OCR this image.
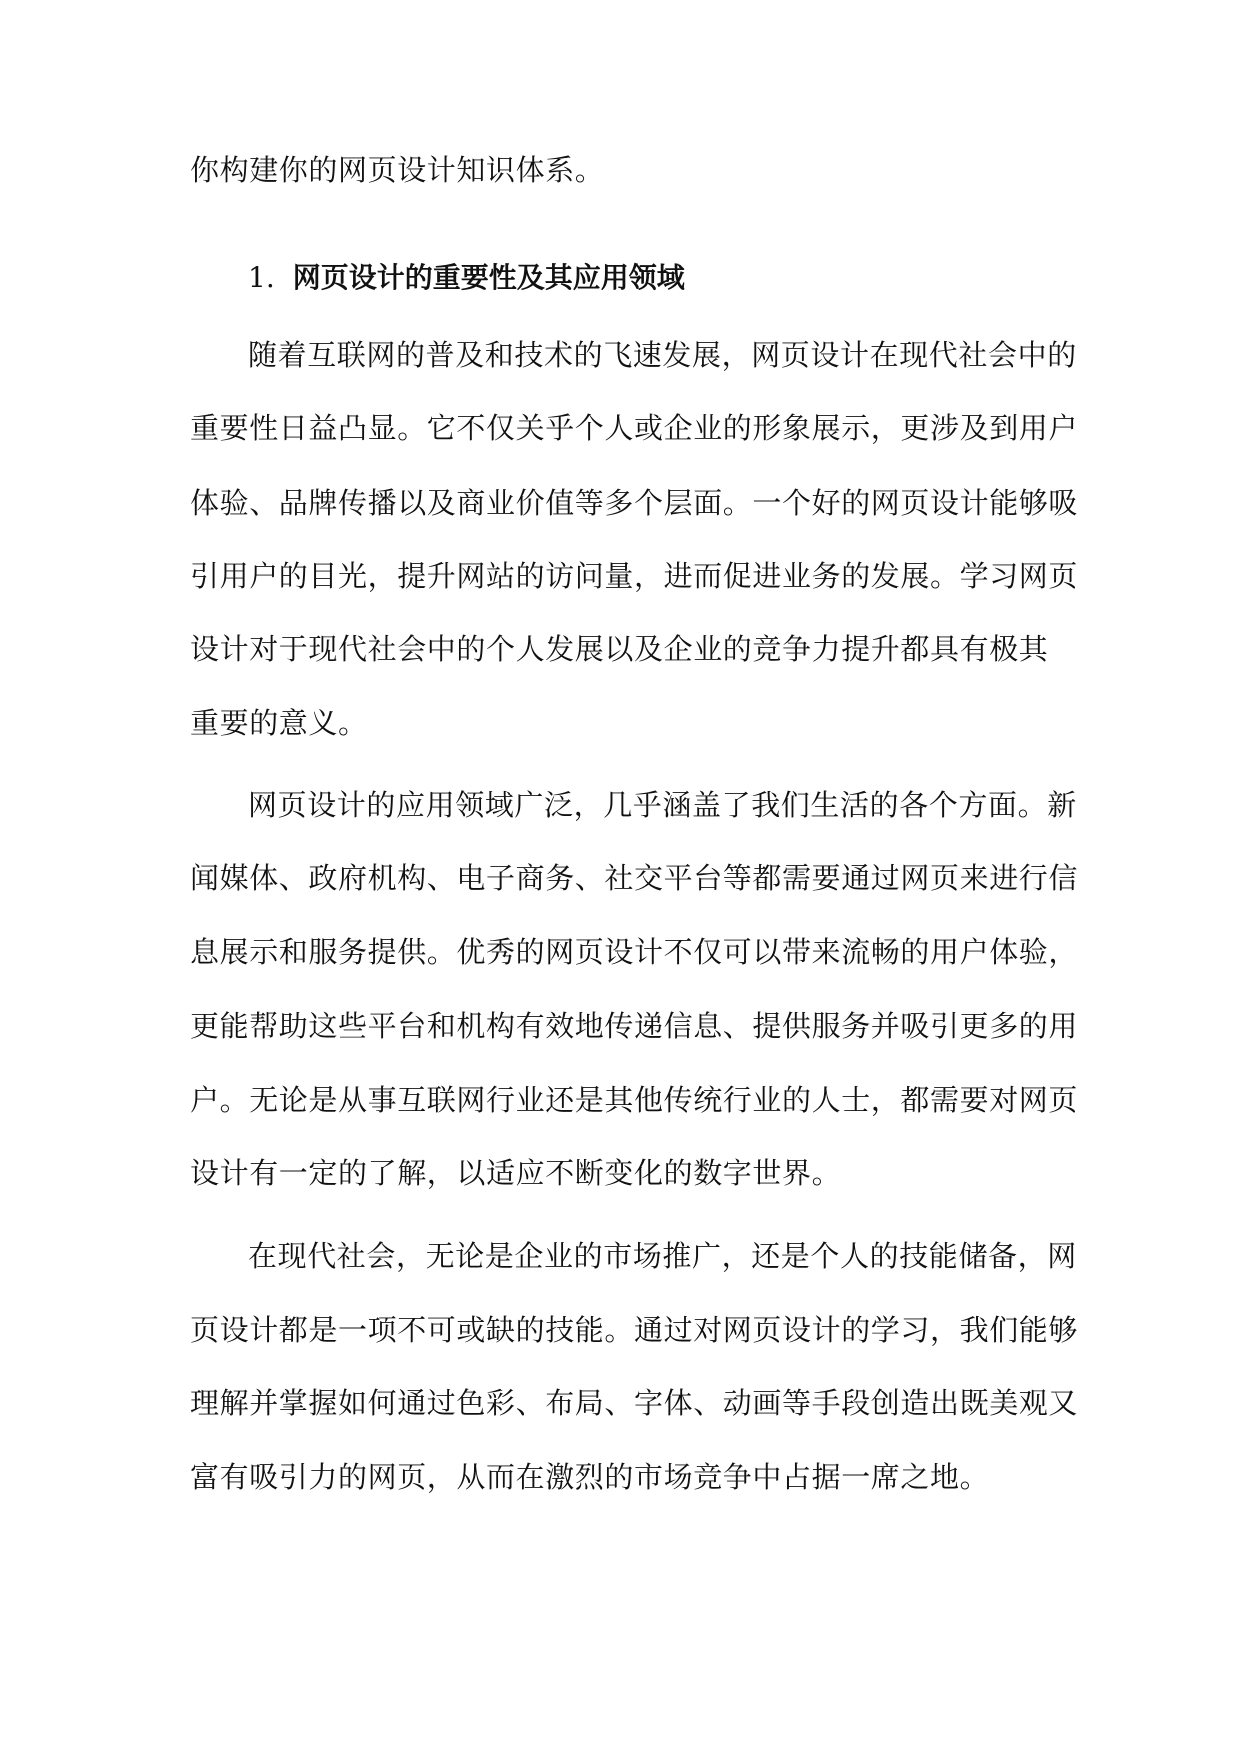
你构建你的网页设计知识体系。
1. 网页设计的重要性及其应用领域
随着互联网的普及和技术的飞速发展，网页设计在现代社会中的
重要性日益凸显。它不仅关乎个人或企业的形象展示，更涉及到用户
体验、品牌传播以及商业价值等多个层面。一个好的网页设计能够吸
引用户的目光，提升网站的访问量，进而促进业务的发展。学习网页
设计对于现代社会中的个人发展以及企业的竞争力提升都具有极其
重要的意义。
网页设计的应用领域广泛，几乎涵盖了我们生活的各个方面。新
闻媒体、政府机构、电子商务、社交平台等都需要通过网页来进行信
息展示和服务提供。优秀的网页设计不仅可以带来流畅的用户体验，
更能帮助这些平台和机构有效地传递信息、提供服务并吸引更多的用
户。无论是从事互联网行业还是其他传统行业的人士，都需要对网页
设计有一定的了解，以适应不断变化的数字世界。
在现代社会，无论是企业的市场推广，还是个人的技能储备，网
页设计都是一项不可或缺的技能。通过对网页设计的学习，我们能够
理解并掌握如何通过色彩、布局、字体、动画等手段创造出既美观又
富有吸引力的网页，从而在激烈的市场竞争中占据一席之地。
